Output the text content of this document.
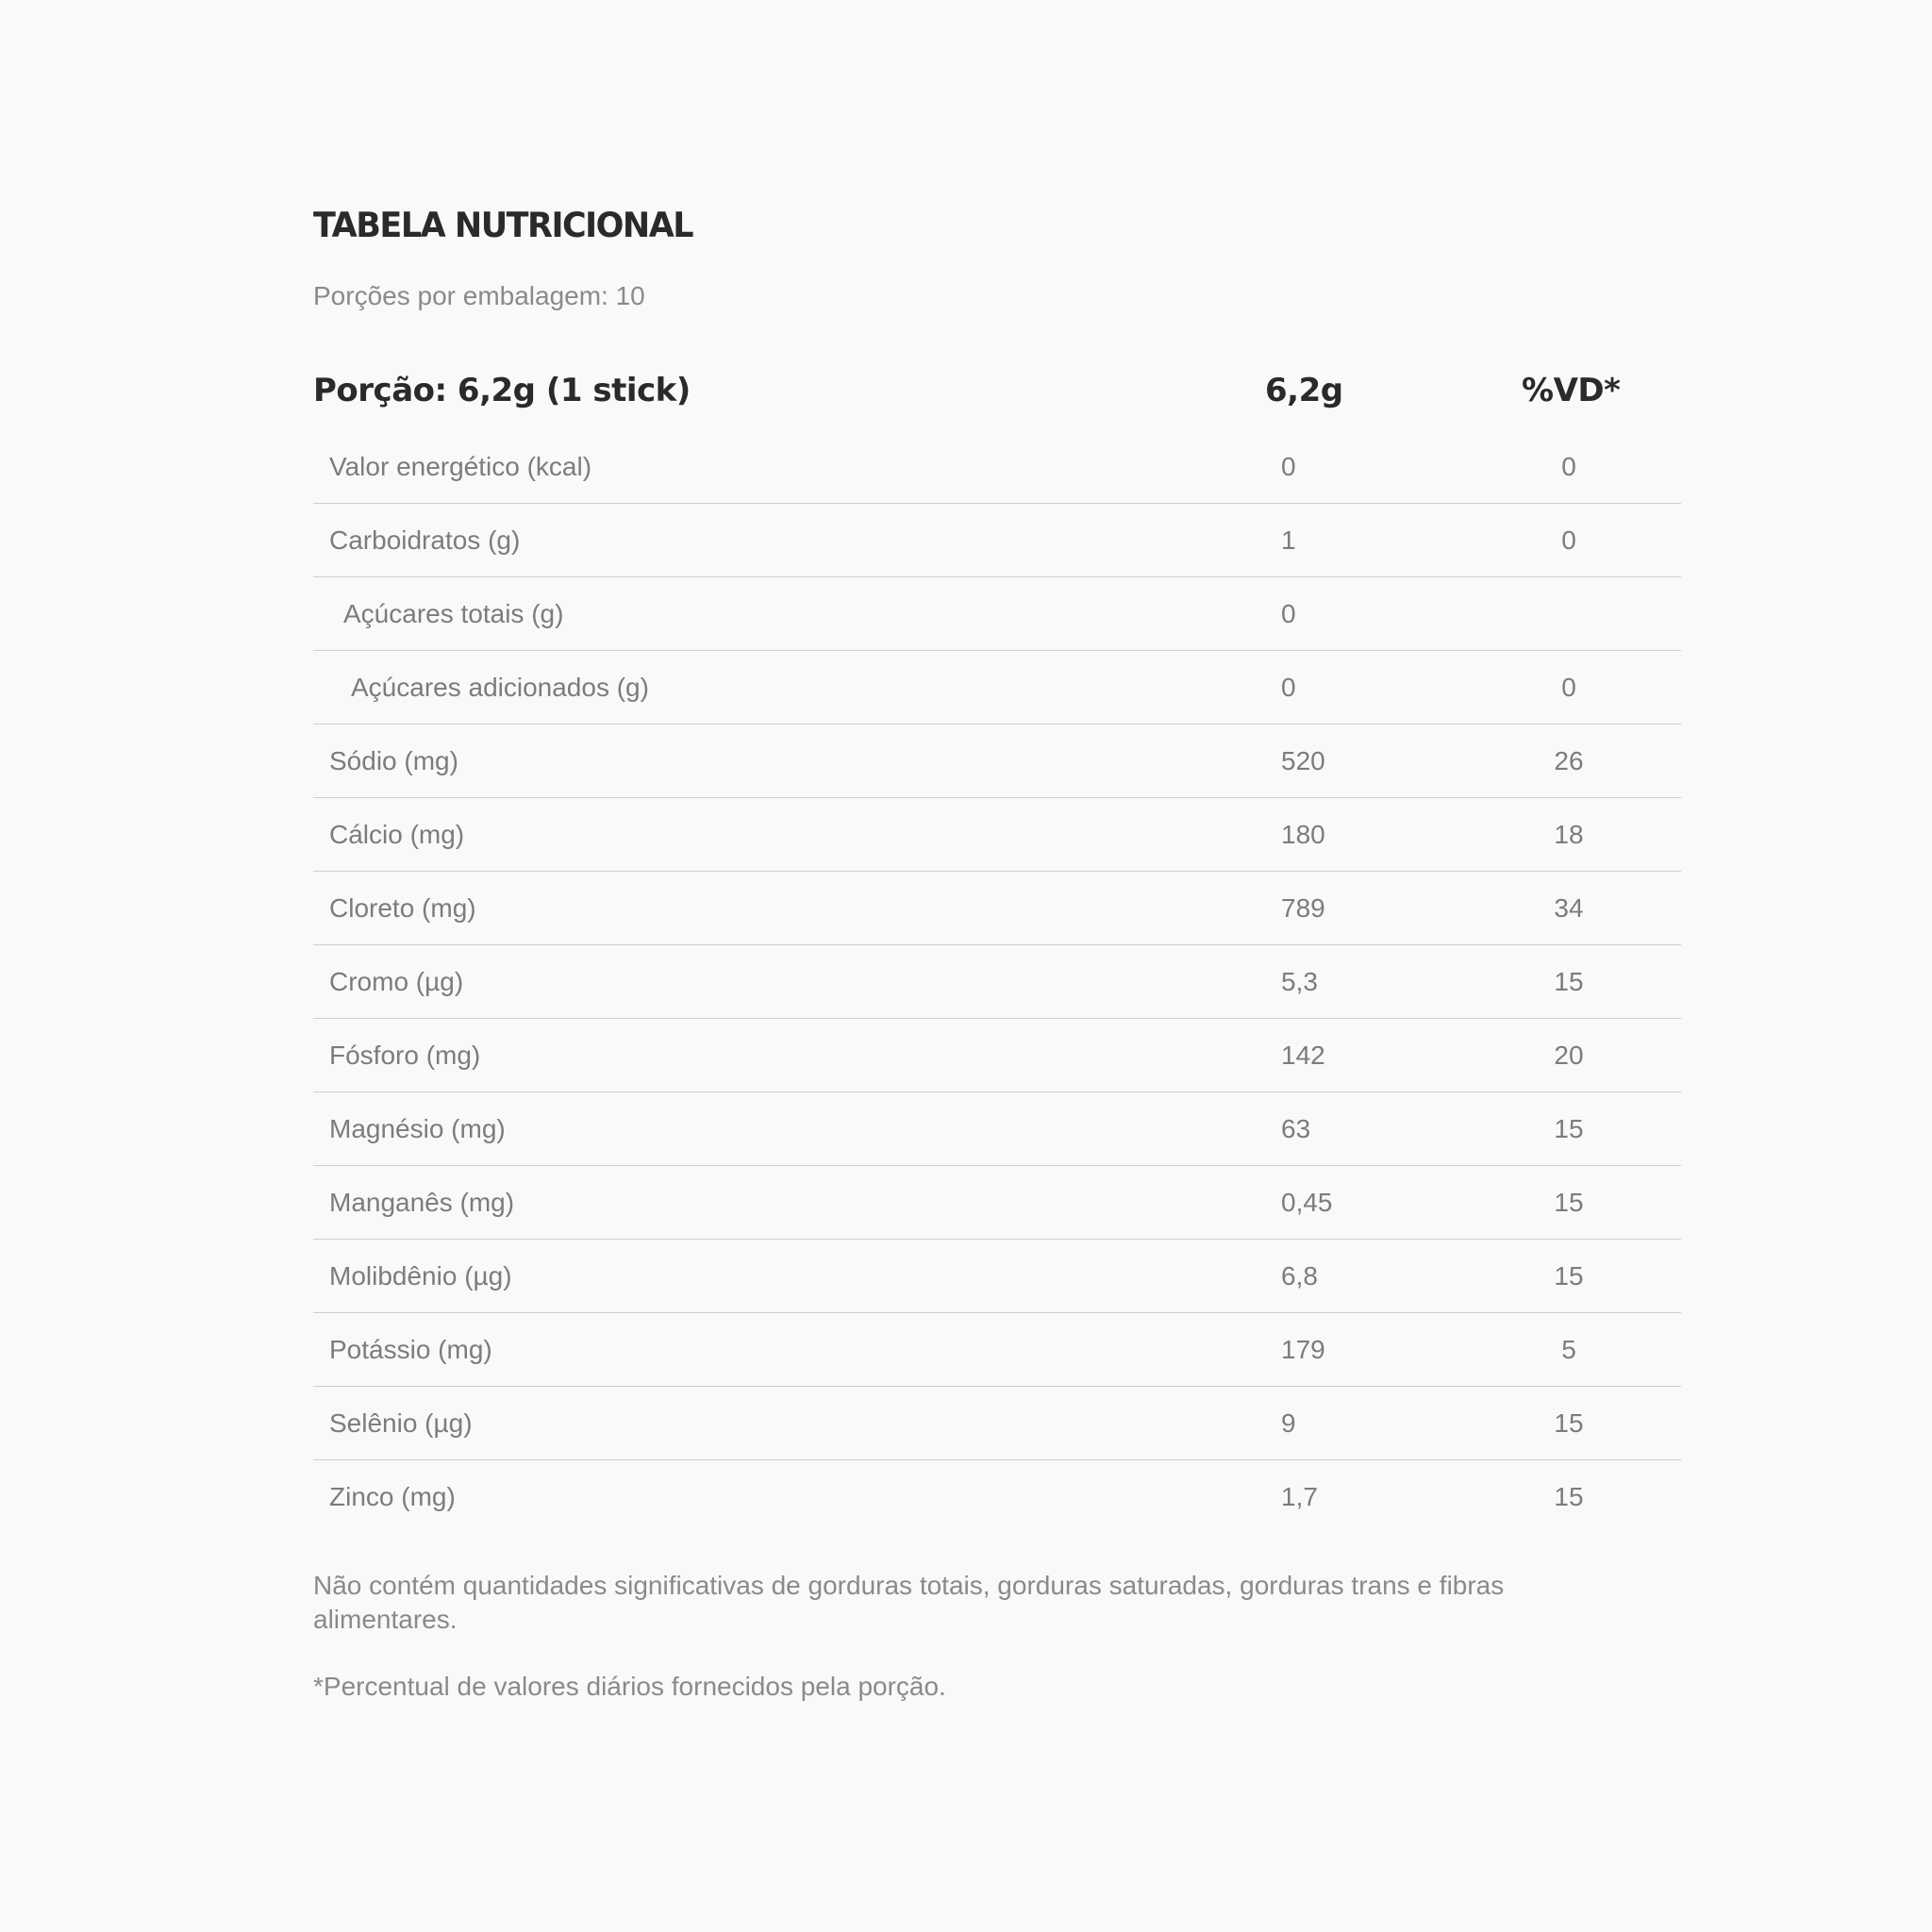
TABELA NUTRICIONAL
Porções por embalagem: 10
Porção: 6,2g (1 stick)	6,2g	%VD*
Valor energético (kcal)	0	0
Carboidratos (g)	1	0
Açúcares totais (g)	0
Açúcares adicionados (g)	0	0
Sódio (mg)	520	26
Cálcio (mg)	180	18
Cloreto (mg)	789	34
Cromo (µg)	5,3	15
Fósforo (mg)	142	20
Magnésio (mg)	63	15
Manganês (mg)	0,45	15
Molibdênio (µg)	6,8	15
Potássio (mg)	179	5
Selênio (µg)	9	15
Zinco (mg)	1,7	15

Não contém quantidades significativas de gorduras totais, gorduras saturadas, gorduras trans e fibras alimentares.

*Percentual de valores diários fornecidos pela porção.
